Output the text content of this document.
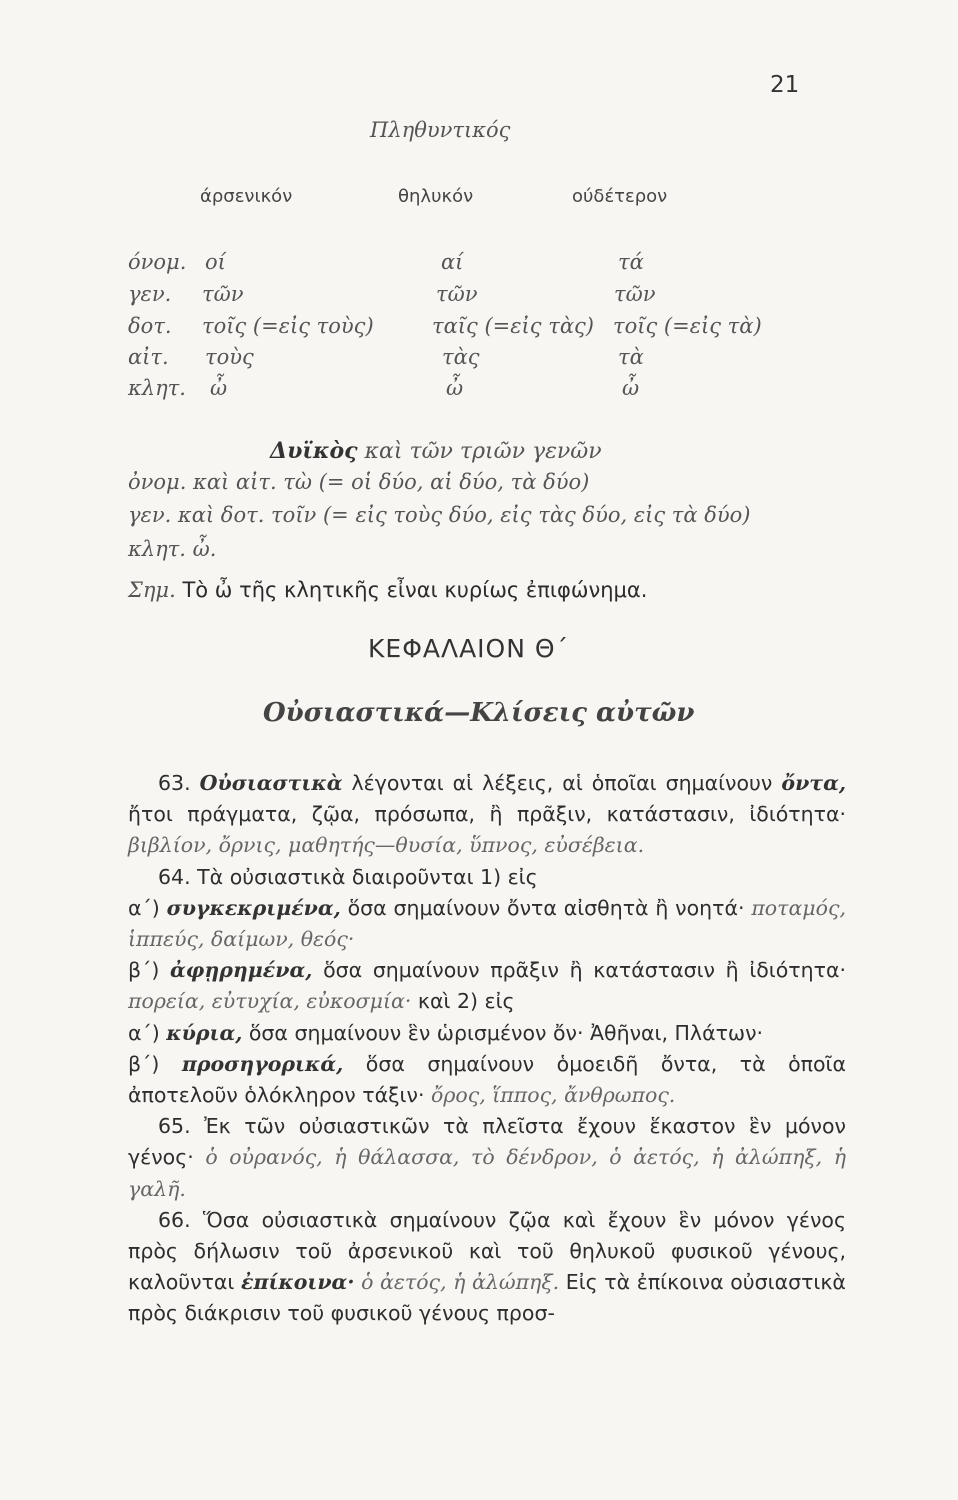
21
Πληθυντικός
άρσενικόν	θηλυκόν	ούδέτερον
όνομ. οί	αί	τά
γεν. τῶν	τῶν	τῶν
δοτ. τοῖς (=εἰς τοὺς)	ταῖς (=εἰς τὰς) τοῖς (=εἰς τὰ)
αἰτ. τοὺς	τὰς	τὰ
κλητ. ὦ	ὦ	ὦ
Δυϊκὸς καὶ τῶν τριῶν γενῶν
ὀνομ. καὶ αἰτ. τὼ (= οἱ δύο, αἱ δύο, τὰ δύο)
γεν. καὶ δοτ. τοῖν (= εἰς τοὺς δύο, εἰς τὰς δύο, εἰς τὰ δύο)
κλητ. ὦ.
Σημ. Τὸ ὦ τῆς κλητικῆς εἶναι κυρίως ἐπιφώνημα.
ΚΕΦΑΛΑΙΟΝ Θ΄
Οὐσιαστικά—Κλίσεις αὐτῶν

63. Οὐσιαστικὰ λέγονται αἱ λέξεις, αἱ ὁποῖαι σημαίνουν ὄντα, ἤτοι πράγματα, ζῷα, πρόσωπα, ἢ πρᾶξιν, κατάστασιν, ἰδιότητα· βιβλίον, ὄρνις, μαθητής—θυσία, ὕπνος, εὐσέβεια.

64. Τὰ οὐσιαστικὰ διαιροῦνται 1) εἰς

α΄) συγκεκριμένα, ὅσα σημαίνουν ὄντα αἰσθητὰ ἢ νοητά· ποταμός, ἱππεύς, δαίμων, θεός·

β΄) ἀφῃρημένα, ὅσα σημαίνουν πρᾶξιν ἢ κατάστασιν ἢ ἰδιότητα· πορεία, εὐτυχία, εὐκοσμία· καὶ 2) εἰς

α΄) κύρια, ὅσα σημαίνουν ἓν ὡρισμένον ὄν· Ἀθῆναι, Πλάτων·

β΄) προσηγορικά, ὅσα σημαίνουν ὁμοειδῆ ὄντα, τὰ ὁποῖα ἀποτελοῦν ὁλόκληρον τάξιν· ὄρος, ἵππος, ἄνθρωπος.

65. Ἐκ τῶν οὐσιαστικῶν τὰ πλεῖστα ἔχουν ἕκαστον ἓν μόνον γένος· ὁ οὐρανός, ἡ θάλασσα, τὸ δένδρον, ὁ ἀετός, ἡ ἀλώπηξ, ἡ γαλῆ.

66. Ὅσα οὐσιαστικὰ σημαίνουν ζῷα καὶ ἔχουν ἓν μόνον γένος πρὸς δήλωσιν τοῦ ἀρσενικοῦ καὶ τοῦ θηλυκοῦ φυσικοῦ γένους, καλοῦνται ἐπίκοινα· ὁ ἀετός, ἡ ἀλώπηξ. Εἰς τὰ ἐπίκοινα οὐσιαστικὰ πρὸς διάκρισιν τοῦ φυσικοῦ γένους προσ-
